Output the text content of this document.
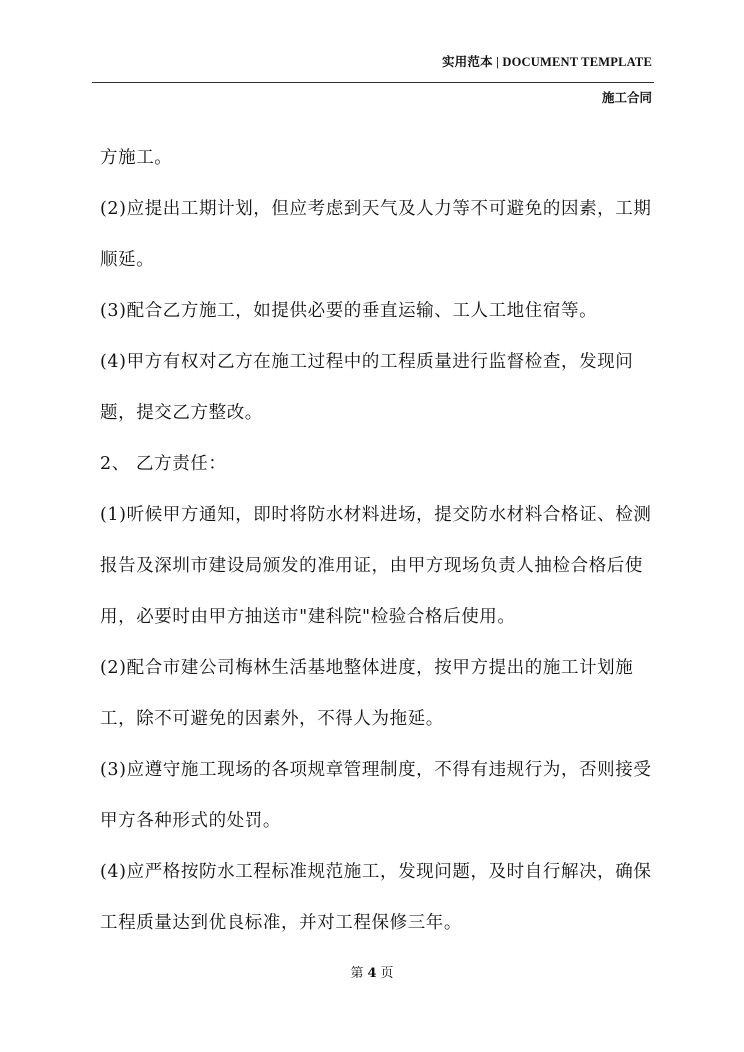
实用范本 | DOCUMENT TEMPLATE
施工合同

方施工。

(2)应提出工期计划，但应考虑到天气及人力等不可避免的因素，工期顺延。

(3)配合乙方施工，如提供必要的垂直运输、工人工地住宿等。

(4)甲方有权对乙方在施工过程中的工程质量进行监督检查，发现问题，提交乙方整改。

2、 乙方责任：

(1)听候甲方通知，即时将防水材料进场，提交防水材料合格证、检测报告及深圳市建设局颁发的准用证，由甲方现场负责人抽检合格后使用，必要时由甲方抽送市"建科院"检验合格后使用。

(2)配合市建公司梅林生活基地整体进度，按甲方提出的施工计划施工，除不可避免的因素外，不得人为拖延。

(3)应遵守施工现场的各项规章管理制度，不得有违规行为，否则接受甲方各种形式的处罚。

(4)应严格按防水工程标准规范施工，发现问题，及时自行解决，确保工程质量达到优良标准，并对工程保修三年。

第 4 页
